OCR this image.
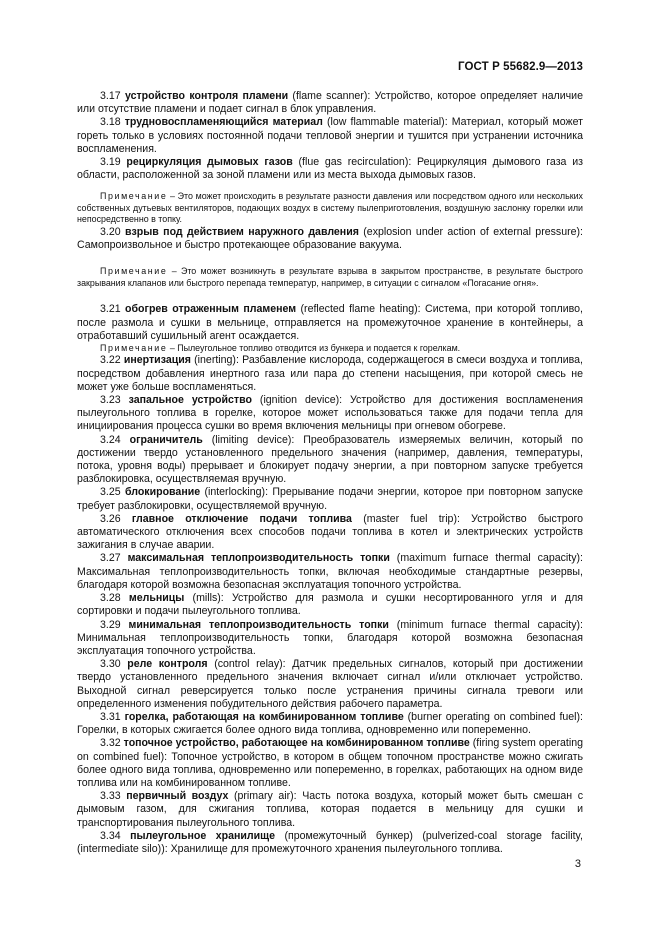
ГОСТ Р 55682.9—2013

3.17 устройство контроля пламени (flame scanner): Устройство, которое определяет наличие или отсутствие пламени и подает сигнал в блок управления.

3.18 трудновоспламеняющийся материал (low flammable material): Материал, который может гореть только в условиях постоянной подачи тепловой энергии и тушится при устранении источника воспламенения.

3.19 рециркуляция дымовых газов (flue gas recirculation): Рециркуляция дымового газа из области, расположенной за зоной пламени или из места выхода дымовых газов.

Примечание – Это может происходить в результате разности давления или посредством одного или нескольких собственных дутьевых вентиляторов, подающих воздух в систему пылеприготовления, воздушную заслонку горелки или непосредственно в топку.

3.20 взрыв под действием наружного давления (explosion under action of external pressure): Самопроизвольное и быстро протекающее образование вакуума.

Примечание – Это может возникнуть в результате взрыва в закрытом пространстве, в результате быстрого закрывания клапанов или быстрого перепада температур, например, в ситуации с сигналом «Погасание огня».

3.21 обогрев отраженным пламенем (reflected flame heating): Система, при которой топливо, после размола и сушки в мельнице, отправляется на промежуточное хранение в контейнеры, а отработавший сушильный агент осаждается.

Примечание – Пылеугольное топливо отводится из бункера и подается к горелкам.

3.22 инертизация (inerting): Разбавление кислорода, содержащегося в смеси воздуха и топлива, посредством добавления инертного газа или пара до степени насыщения, при которой смесь не может уже больше воспламеняться.

3.23 запальное устройство (ignition device): Устройство для достижения воспламенения пылеугольного топлива в горелке, которое может использоваться также для подачи тепла для инициирования процесса сушки во время включения мельницы при огневом обогреве.

3.24 ограничитель (limiting device): Преобразователь измеряемых величин, который по достижении твердо установленного предельного значения (например, давления, температуры, потока, уровня воды) прерывает и блокирует подачу энергии, а при повторном запуске требуется разблокировка, осуществляемая вручную.

3.25 блокирование (interlocking): Прерывание подачи энергии, которое при повторном запуске требует разблокировки, осуществляемой вручную.

3.26 главное отключение подачи топлива (master fuel trip): Устройство быстрого автоматического отключения всех способов подачи топлива в котел и электрических устройств зажигания в случае аварии.

3.27 максимальная теплопроизводительность топки (maximum furnace thermal capacity): Максимальная теплопроизводительность топки, включая необходимые стандартные резервы, благодаря которой возможна безопасная эксплуатация топочного устройства.

3.28 мельницы (mills): Устройство для размола и сушки несортированного угля и для сортировки и подачи пылеугольного топлива.

3.29 минимальная теплопроизводительность топки (minimum furnace thermal capacity): Минимальная теплопроизводительность топки, благодаря которой возможна безопасная эксплуатация топочного устройства.

3.30 реле контроля (control relay): Датчик предельных сигналов, который при достижении твердо установленного предельного значения включает сигнал и/или отключает устройство. Выходной сигнал реверсируется только после устранения причины сигнала тревоги или определенного изменения побудительного действия рабочего параметра.

3.31 горелка, работающая на комбинированном топливе (burner operating on combined fuel): Горелки, в которых сжигается более одного вида топлива, одновременно или попеременно.

3.32 топочное устройство, работающее на комбинированном топливе (firing system operating on combined fuel): Топочное устройство, в котором в общем топочном пространстве можно сжигать более одного вида топлива, одновременно или попеременно, в горелках, работающих на одном виде топлива или на комбинированном топливе.

3.33 первичный воздух (primary air): Часть потока воздуха, который может быть смешан с дымовым газом, для сжигания топлива, которая подается в мельницу для сушки и транспортирования пылеугольного топлива.

3.34 пылеугольное хранилище (промежуточный бункер) (pulverized-coal storage facility, (intermediate silo)): Хранилище для промежуточного хранения пылеугольного топлива.

3
